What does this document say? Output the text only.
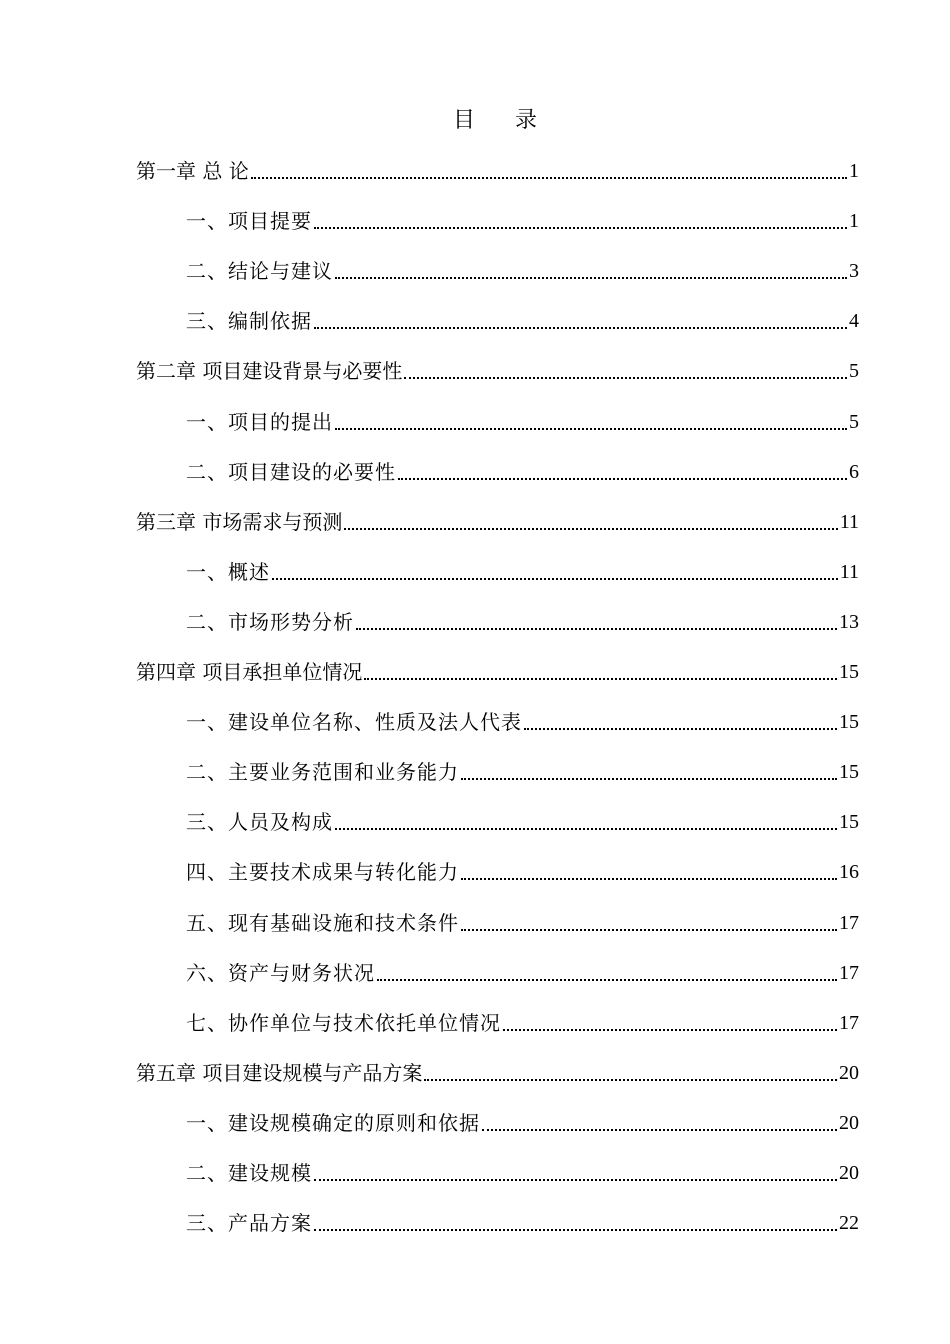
目录
第一章 总 论	1
一、项目提要	1
二、结论与建议	3
三、编制依据	4
第二章 项目建设背景与必要性	5
一、项目的提出	5
二、项目建设的必要性	6
第三章 市场需求与预测	11
一、概述	11
二、市场形势分析	13
第四章 项目承担单位情况	15
一、建设单位名称、性质及法人代表	15
二、主要业务范围和业务能力	15
三、人员及构成	15
四、主要技术成果与转化能力	16
五、现有基础设施和技术条件	17
六、资产与财务状况	17
七、协作单位与技术依托单位情况	17
第五章 项目建设规模与产品方案	20
一、建设规模确定的原则和依据	20
二、建设规模	20
三、产品方案	22
